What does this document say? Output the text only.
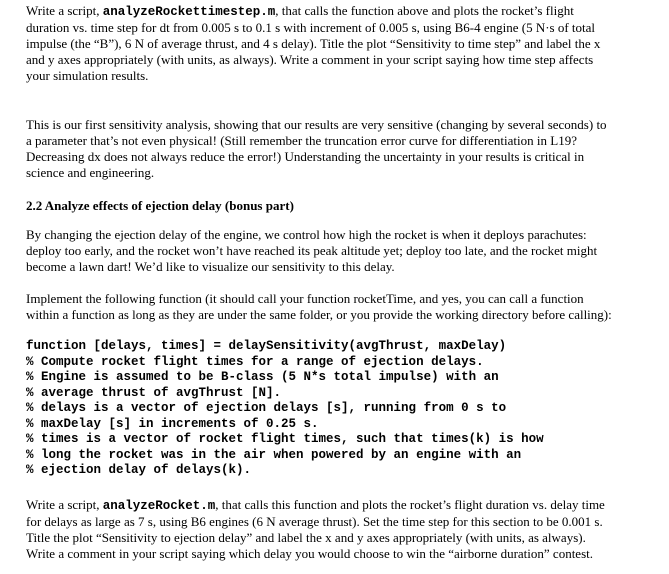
Write a script, analyzeRockettimestep.m, that calls the function above and plots the rocket’s flight
duration vs. time step for dt from 0.005 s to 0.1 s with increment of 0.005 s, using B6-4 engine (5 N·s of total
impulse (the “B”), 6 N of average thrust, and 4 s delay). Title the plot “Sensitivity to time step” and label the x
and y axes appropriately (with units, as always). Write a comment in your script saying how time step affects
your simulation results.

This is our first sensitivity analysis, showing that our results are very sensitive (changing by several seconds) to
a parameter that’s not even physical! (Still remember the truncation error curve for differentiation in L19?
Decreasing dx does not always reduce the error!) Understanding the uncertainty in your results is critical in
science and engineering.

2.2 Analyze effects of ejection delay (bonus part)

By changing the ejection delay of the engine, we control how high the rocket is when it deploys parachutes:
deploy too early, and the rocket won’t have reached its peak altitude yet; deploy too late, and the rocket might
become a lawn dart! We’d like to visualize our sensitivity to this delay.

Implement the following function (it should call your function rocketTime, and yes, you can call a function
within a function as long as they are under the same folder, or you provide the working directory before calling):

function [delays, times] = delaySensitivity(avgThrust, maxDelay)
% Compute rocket flight times for a range of ejection delays.
% Engine is assumed to be B-class (5 N*s total impulse) with an
% average thrust of avgThrust [N].
% delays is a vector of ejection delays [s], running from 0 s to
% maxDelay [s] in increments of 0.25 s.
% times is a vector of rocket flight times, such that times(k) is how
% long the rocket was in the air when powered by an engine with an
% ejection delay of delays(k).

Write a script, analyzeRocket.m, that calls this function and plots the rocket’s flight duration vs. delay time
for delays as large as 7 s, using B6 engines (6 N average thrust). Set the time step for this section to be 0.001 s.
Title the plot “Sensitivity to ejection delay” and label the x and y axes appropriately (with units, as always).
Write a comment in your script saying which delay you would choose to win the “airborne duration” contest.
